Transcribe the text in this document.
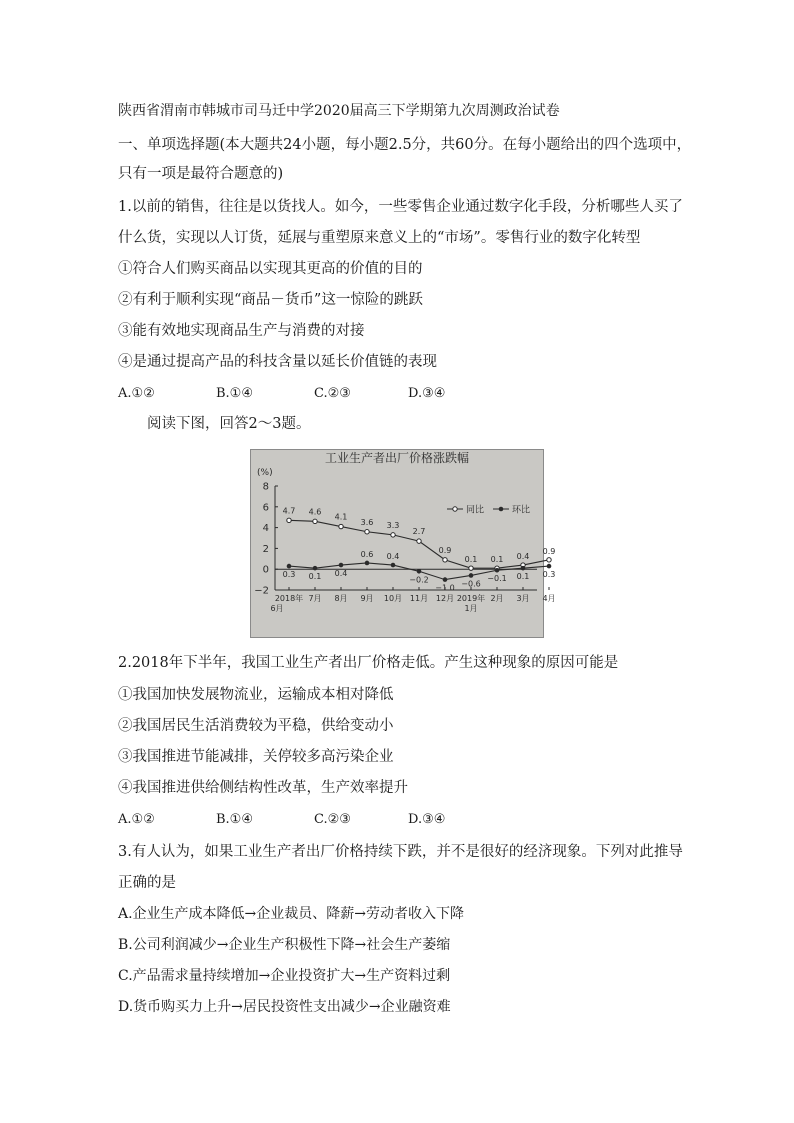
陕西省渭南市韩城市司马迁中学2020届高三下学期第九次周测政治试卷
一、单项选择题(本大题共24小题，每小题2.5分，共60分。在每小题给出的四个选项中，
只有一项是最符合题意的)
1.以前的销售，往往是以货找人。如今，一些零售企业通过数字化手段，分析哪些人买了
什么货，实现以人订货，延展与重塑原来意义上的“市场”。零售行业的数字化转型
①符合人们购买商品以实现其更高的价值的目的
②有利于顺利实现“商品－货币”这一惊险的跳跃
③能有效地实现商品生产与消费的对接
④是通过提高产品的科技含量以延长价值链的表现
A.①②	B.①④	C.②③	D.③④
阅读下图，回答2～3题。
工业生产者出厂价格涨跌幅
(%)
8
6
4
2
0
−2
2018年
6月
7月 8月 9月 10月 11月 12月 2019年
1月
2月 3月 4月
4.7 4.6
4.1
3.6 3.3
2.7
0.9
0.1 0.1 0.4
0.9
0.3 0.1 0.4
0.6 0.4
−0.2
−1.0 −0.6
−0.1 0.1 0.3
同比	环比
2.2018年下半年，我国工业生产者出厂价格走低。产生这种现象的原因可能是
①我国加快发展物流业，运输成本相对降低
②我国居民生活消费较为平稳，供给变动小
③我国推进节能减排，关停较多高污染企业
④我国推进供给侧结构性改革，生产效率提升
A.①②	B.①④	C.②③	D.③④
3.有人认为，如果工业生产者出厂价格持续下跌，并不是很好的经济现象。下列对此推导
正确的是
A.企业生产成本降低→企业裁员、降薪→劳动者收入下降
B.公司利润减少→企业生产积极性下降→社会生产萎缩
C.产品需求量持续增加→企业投资扩大→生产资料过剩
D.货币购买力上升→居民投资性支出减少→企业融资难
